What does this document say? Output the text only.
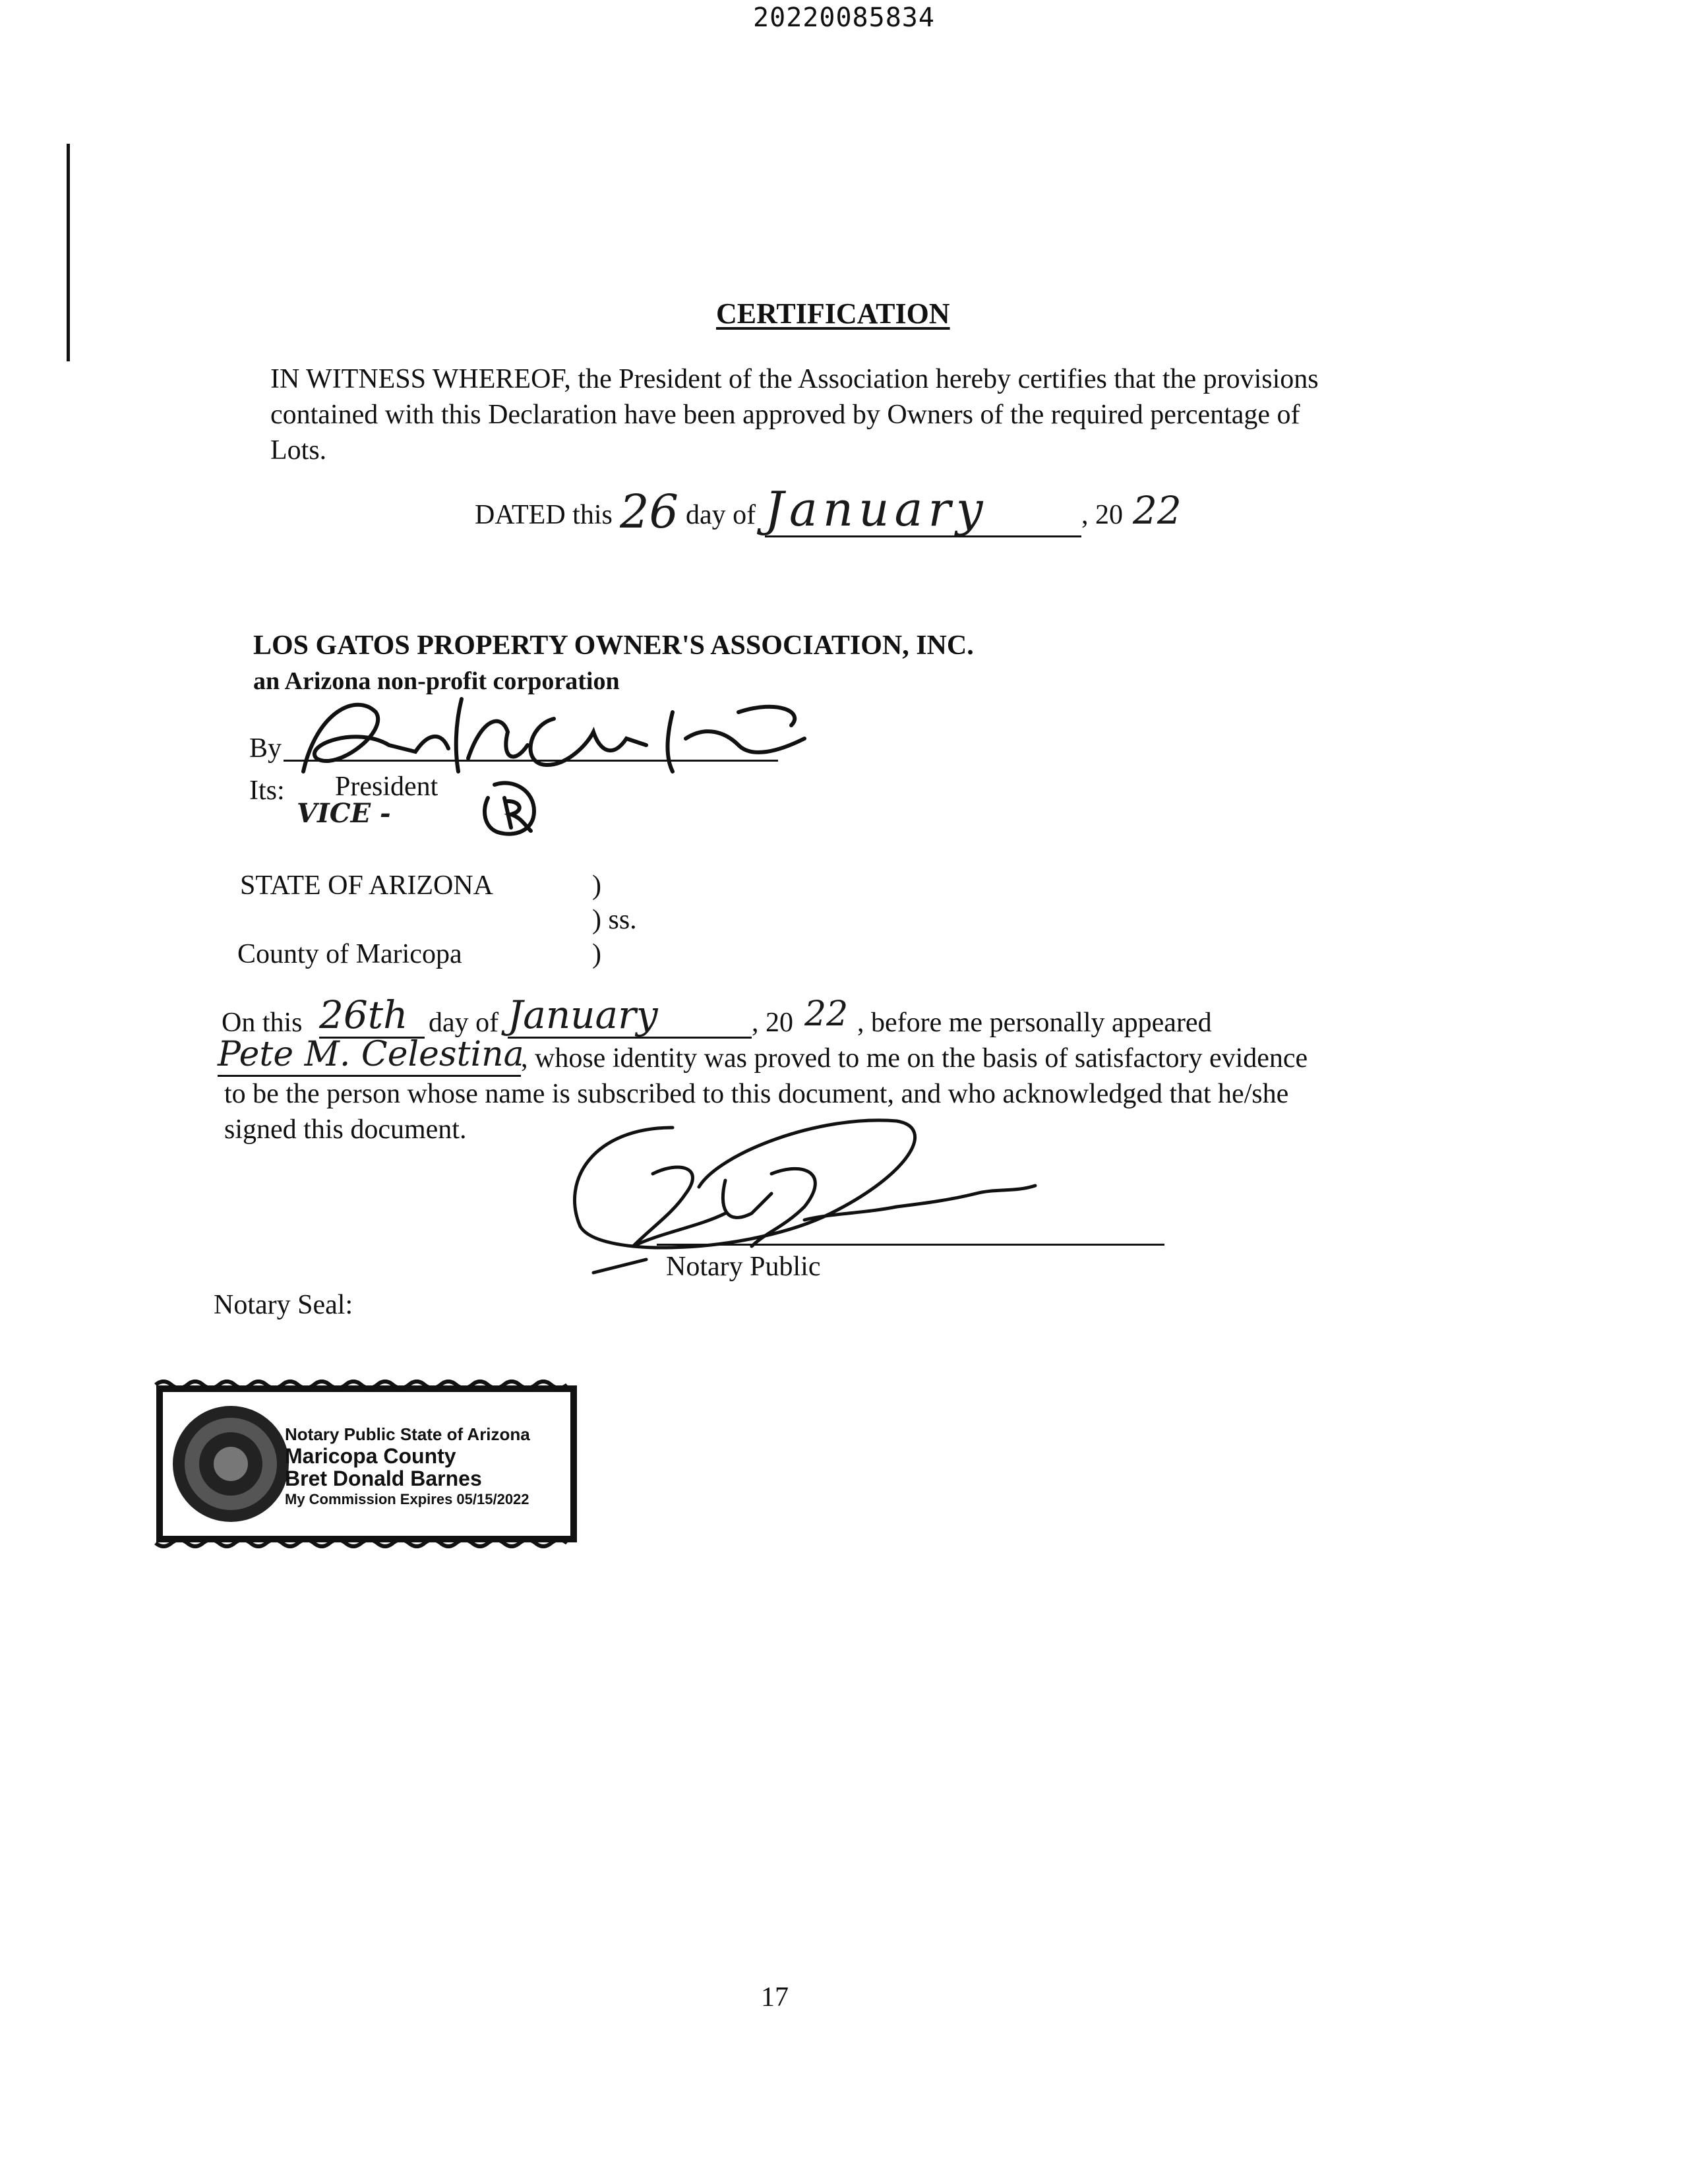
20220085834
CERTIFICATION
IN WITNESS WHEREOF, the President of the Association hereby certifies that the provisions
contained with this Declaration have been approved by Owners of the required percentage of
Lots.
DATED this 26 day of January	, 20 22
LOS GATOS PROPERTY OWNER'S ASSOCIATION, INC.
an Arizona non-profit corporation
By
Its: President
VICE -
STATE OF ARIZONA	)
) ss.
County of Maricopa	)
On this 26th day of January	, 20 22 , before me personally appeared
Pete M. Celestina
, whose identity was proved to me on the basis of satisfactory evidence
to be the person whose name is subscribed to this document, and who acknowledged that he/she
signed this document.
Notary Public
Notary Seal:
Notary Public State of Arizona
Maricopa County
Bret Donald Barnes
My Commission Expires 05/15/2022
17
